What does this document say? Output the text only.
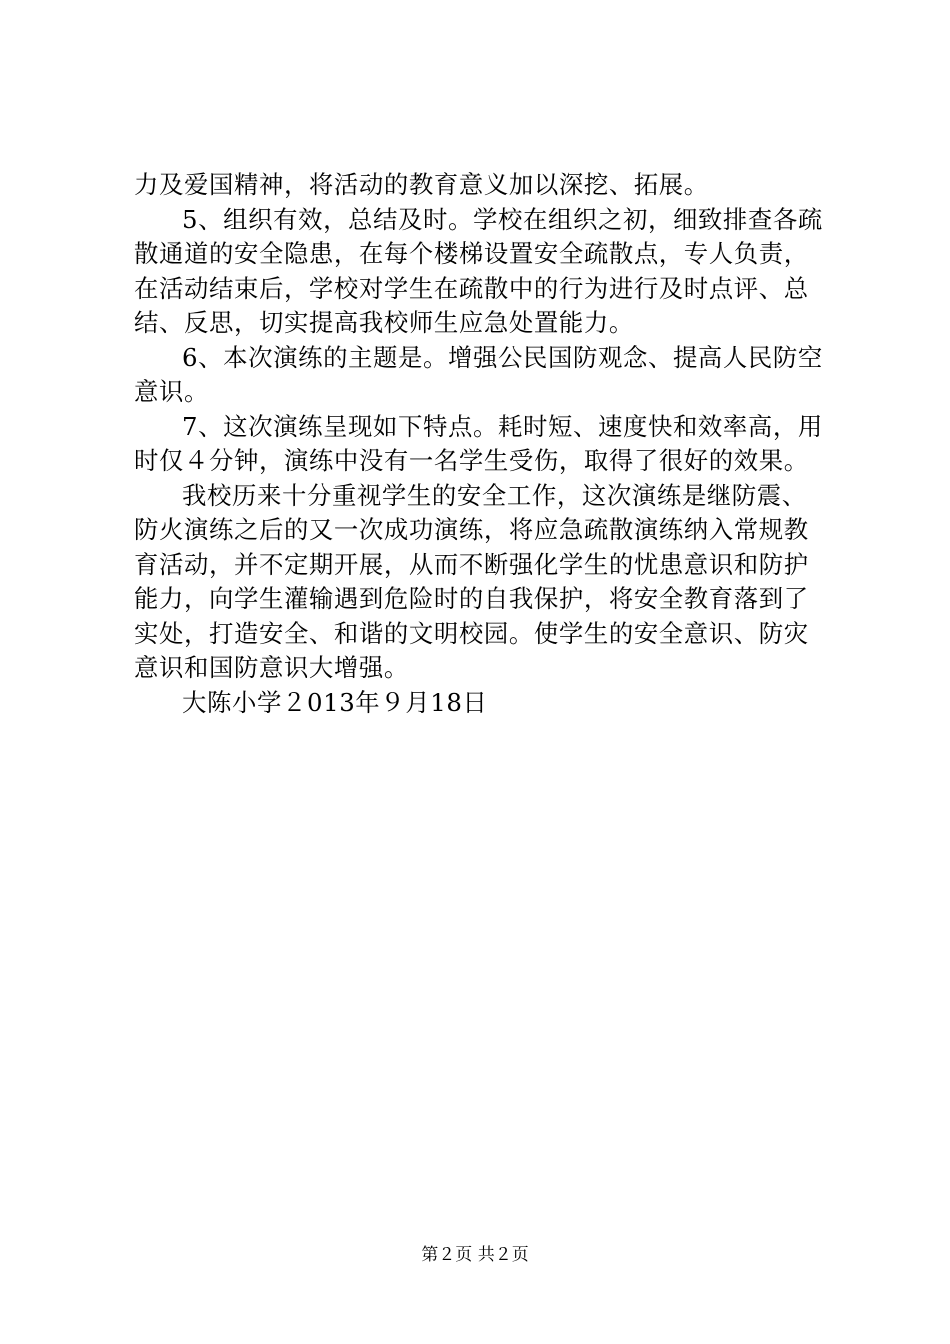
力及爱国精神，将活动的教育意义加以深挖、拓展。
5、组织有效，总结及时。学校在组织之初，细致排查各疏
散通道的安全隐患，在每个楼梯设置安全疏散点，专人负责，
在活动结束后，学校对学生在疏散中的行为进行及时点评、总
结、反思，切实提高我校师生应急处置能力。
6、本次演练的主题是。增强公民国防观念、提高人民防空
意识。
7、这次演练呈现如下特点。耗时短、速度快和效率高，用
时仅４分钟，演练中没有一名学生受伤，取得了很好的效果。
我校历来十分重视学生的安全工作，这次演练是继防震、
防火演练之后的又一次成功演练，将应急疏散演练纳入常规教
育活动，并不定期开展，从而不断强化学生的忧患意识和防护
能力，向学生灌输遇到危险时的自我保护，将安全教育落到了
实处，打造安全、和谐的文明校园。使学生的安全意识、防灾
意识和国防意识大增强。
大陈小学２013年９月18日
第２页 共２页
